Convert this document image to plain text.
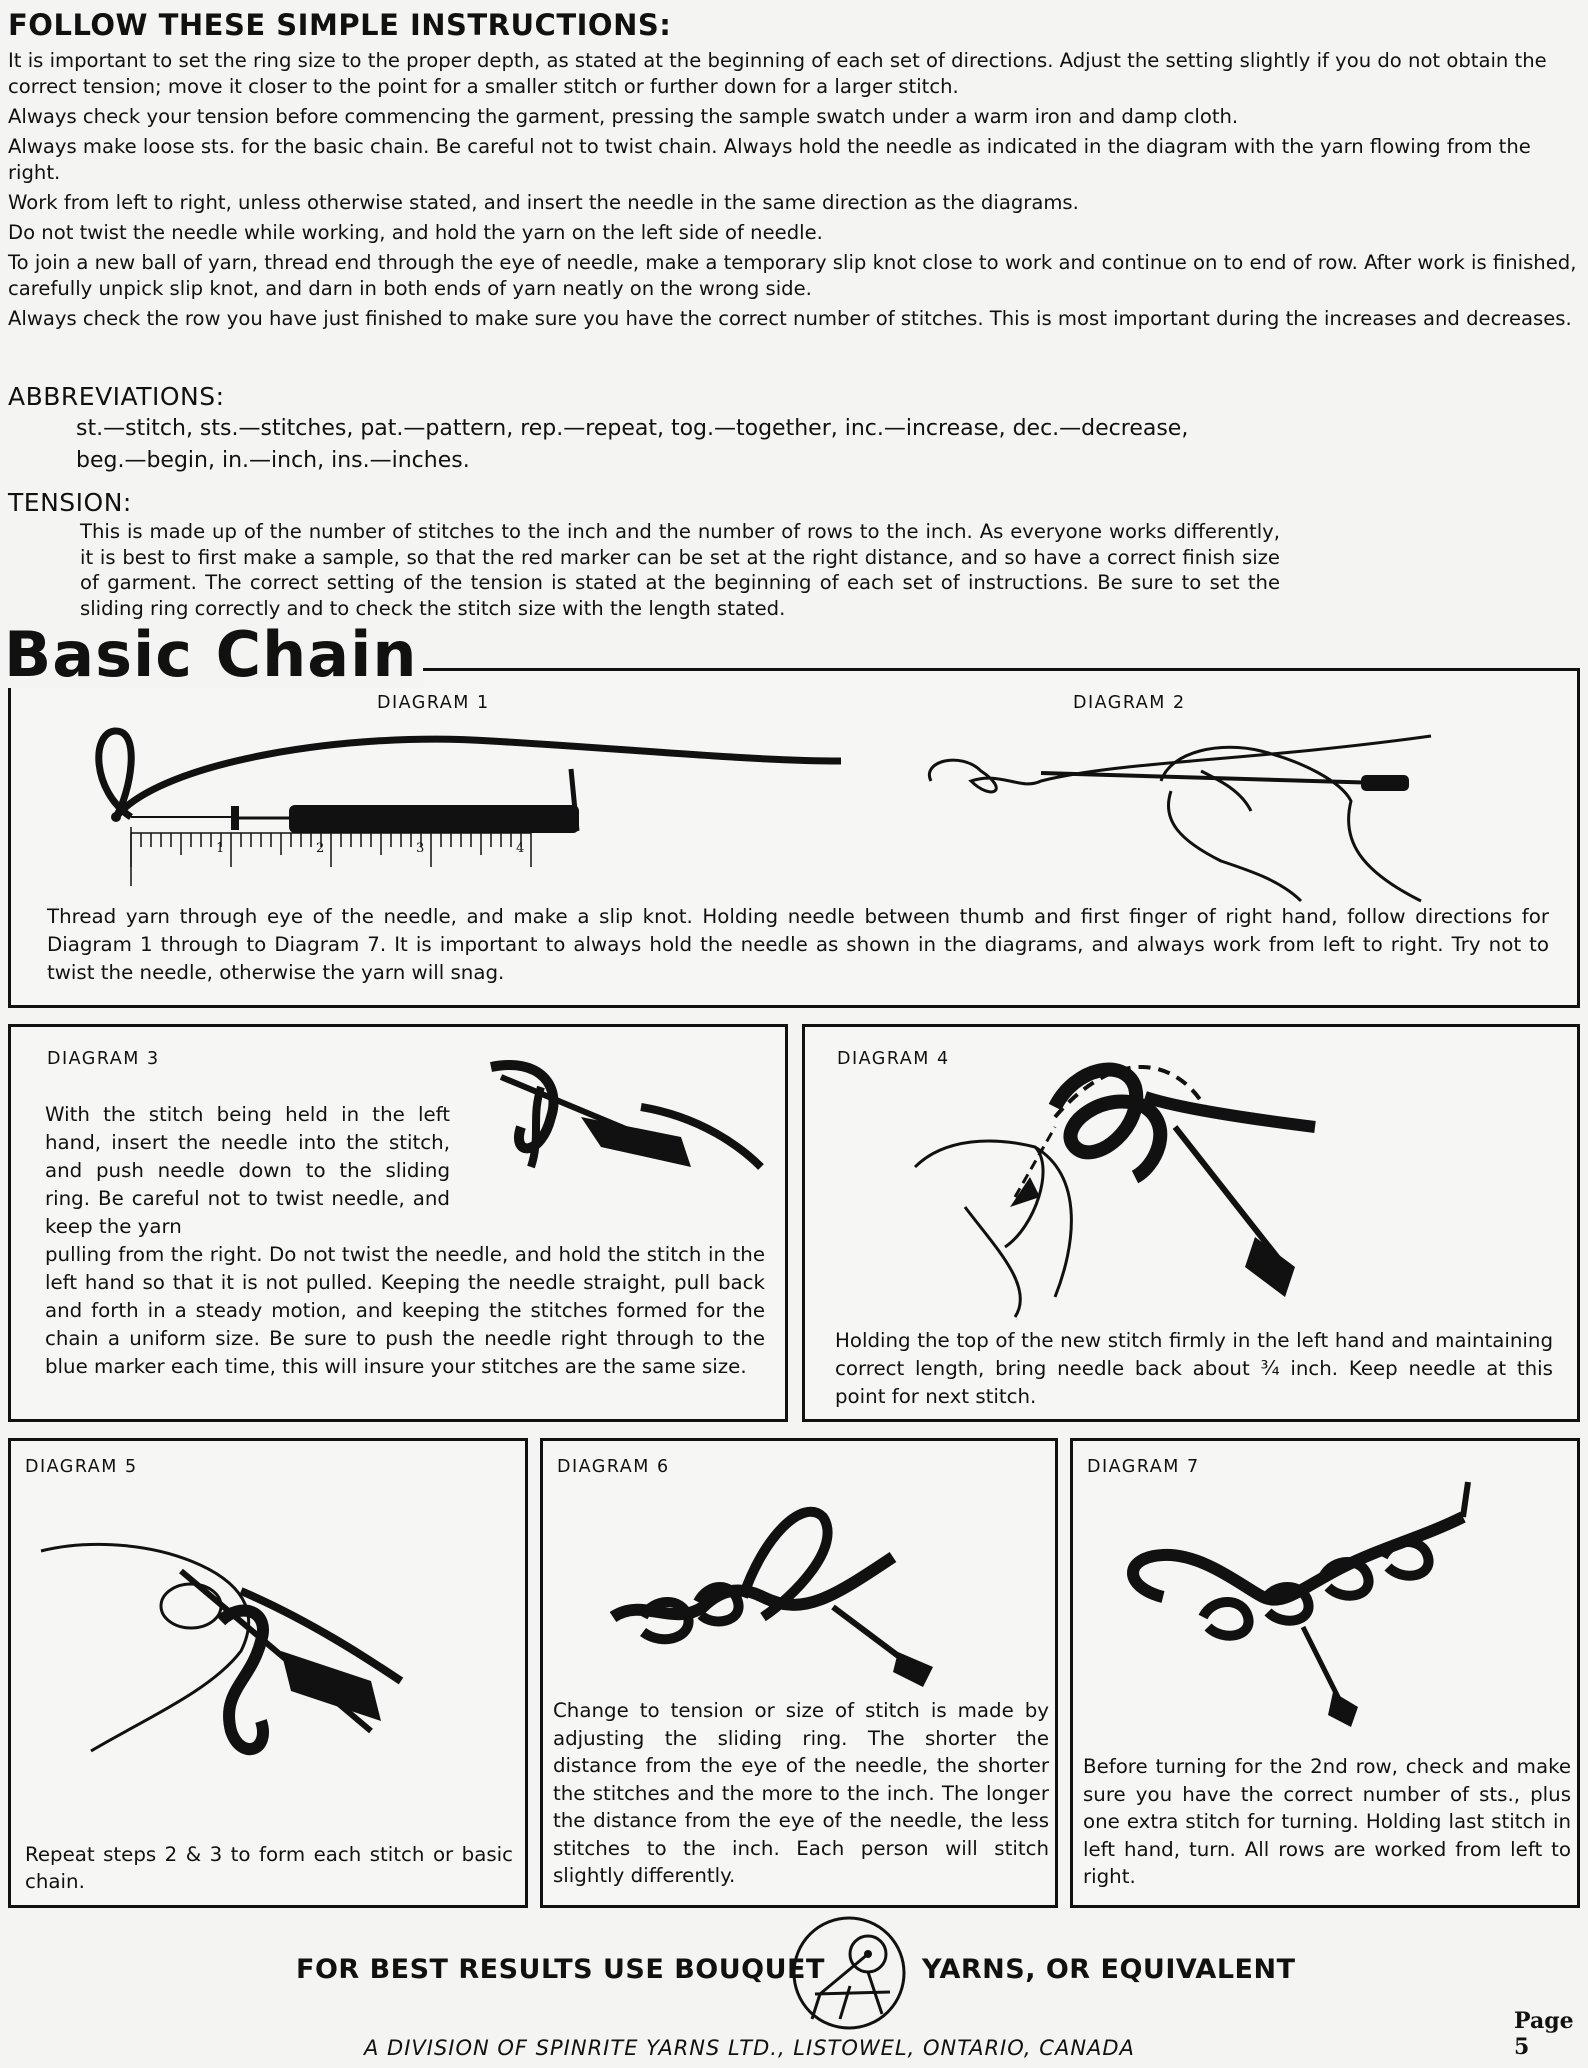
FOLLOW THESE SIMPLE INSTRUCTIONS:

It is important to set the ring size to the proper depth, as stated at the beginning of each set of directions. Adjust the setting slightly if you do not obtain the correct tension; move it closer to the point for a smaller stitch or further down for a larger stitch.

Always check your tension before commencing the garment, pressing the sample swatch under a warm iron and damp cloth.

Always make loose sts. for the basic chain. Be careful not to twist chain. Always hold the needle as indicated in the diagram with the yarn flowing from the right.

Work from left to right, unless otherwise stated, and insert the needle in the same direction as the diagrams.

Do not twist the needle while working, and hold the yarn on the left side of needle.

To join a new ball of yarn, thread end through the eye of needle, make a temporary slip knot close to work and continue on to end of row. After work is finished, carefully unpick slip knot, and darn in both ends of yarn neatly on the wrong side.

Always check the row you have just finished to make sure you have the correct number of stitches. This is most important during the increases and decreases.

ABBREVIATIONS:
st.—stitch, sts.—stitches, pat.—pattern, rep.—repeat, tog.—together, inc.—increase, dec.—decrease,
beg.—begin, in.—inch, ins.—inches.
TENSION:
This is made up of the number of stitches to the inch and the number of rows to the inch. As everyone works differently, it is best to first make a sample, so that the red marker can be set at the right distance, and so have a correct finish size of garment. The correct setting of the tension is stated at the beginning of each set of instructions. Be sure to set the sliding ring correctly and to check the stitch size with the length stated.
Basic Chain
DIAGRAM 1	DIAGRAM 2
1	2	3	4
Thread yarn through eye of the needle, and make a slip knot. Holding needle between thumb and first finger of right hand, follow directions for Diagram 1 through to Diagram 7. It is important to always hold the needle as shown in the diagrams, and always work from left to right. Try not to twist the needle, otherwise the yarn will snag.
DIAGRAM 3
With the stitch being held in the left hand, insert the needle into the stitch, and push needle down to the sliding ring. Be careful not to twist needle, and keep the yarn
pulling from the right. Do not twist the needle, and hold the stitch in the left hand so that it is not pulled. Keeping the needle straight, pull back and forth in a steady motion, and keeping the stitches formed for the chain a uniform size. Be sure to push the needle right through to the blue marker each time, this will insure your stitches are the same size.
DIAGRAM 4
Holding the top of the new stitch firmly in the left hand and maintaining correct length, bring needle back about ¾ inch. Keep needle at this point for next stitch.
DIAGRAM 5
Repeat steps 2 & 3 to form each stitch or basic chain.
DIAGRAM 6
Change to tension or size of stitch is made by adjusting the sliding ring. The shorter the distance from the eye of the needle, the shorter the stitches and the more to the inch. The longer the distance from the eye of the needle, the less stitches to the inch. Each person will stitch slightly differently.
DIAGRAM 7
Before turning for the 2nd row, check and make sure you have the correct number of sts., plus one extra stitch for turning. Holding last stitch in left hand, turn. All rows are worked from left to right.
FOR BEST RESULTS USE BOUQUET	YARNS, OR EQUIVALENT
Page 5
A DIVISION OF SPINRITE YARNS LTD., LISTOWEL, ONTARIO, CANADA
